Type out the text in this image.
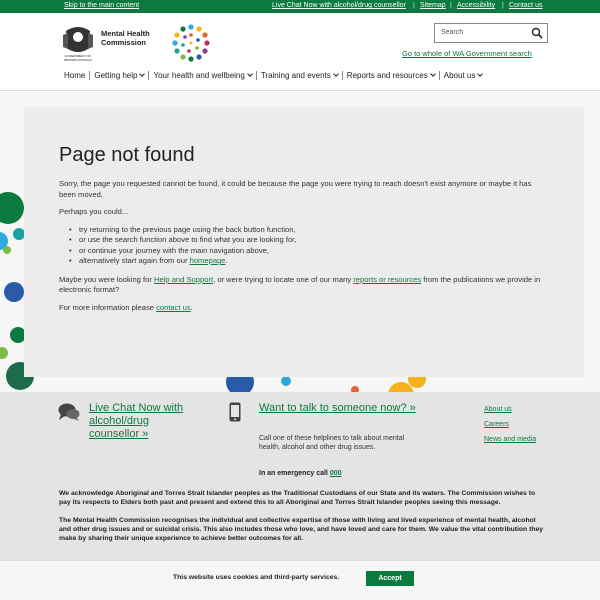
Skip to the main content	Live Chat Now with alcohol/drug counsellor | Sitemap | Accessibility | Contact us
GOVERNMENT OF
WESTERN AUSTRALIA
Mental Health
Commission
Search
Go to whole of WA Government search
Home Getting help Your health and wellbeing Training and events Reports and resources About us
Page not found

Sorry, the page you requested cannot be found, it could be because the page you were trying to reach doesn't exist anymore or maybe it has been moved.

Perhaps you could...

• try returning to the previous page using the back button function,
• or use the search function above to find what you are looking for,
• or continue your journey with the main navigation above,
• alternatively start again from our homepage.

Maybe you were looking for Help and Support, or were trying to locate one of our many reports or resources from the publications we provide in electronic format?

For more information please contact us.

Live Chat Now with alcohol/drug counsellor »
Want to talk to someone now? »
Call one of these helplines to talk about mental health, alcohol and other drug issues.
In an emergency call 000
About us
Careers
News and media

We acknowledge Aboriginal and Torres Strait Islander peoples as the Traditional Custodians of our State and its waters. The Commission wishes to pay its respects to Elders both past and present and extend this to all Aboriginal and Torres Strait Islander peoples seeing this message.

The Mental Health Commission recognises the individual and collective expertise of those with living and lived experience of mental health, alcohol and other drug issues and or suicidal crisis. This also includes those who love, and have loved and care for them. We value the vital contribution they make by sharing their unique experience to achieve better outcomes for all.

This website uses cookies and third-party services.	Accept
